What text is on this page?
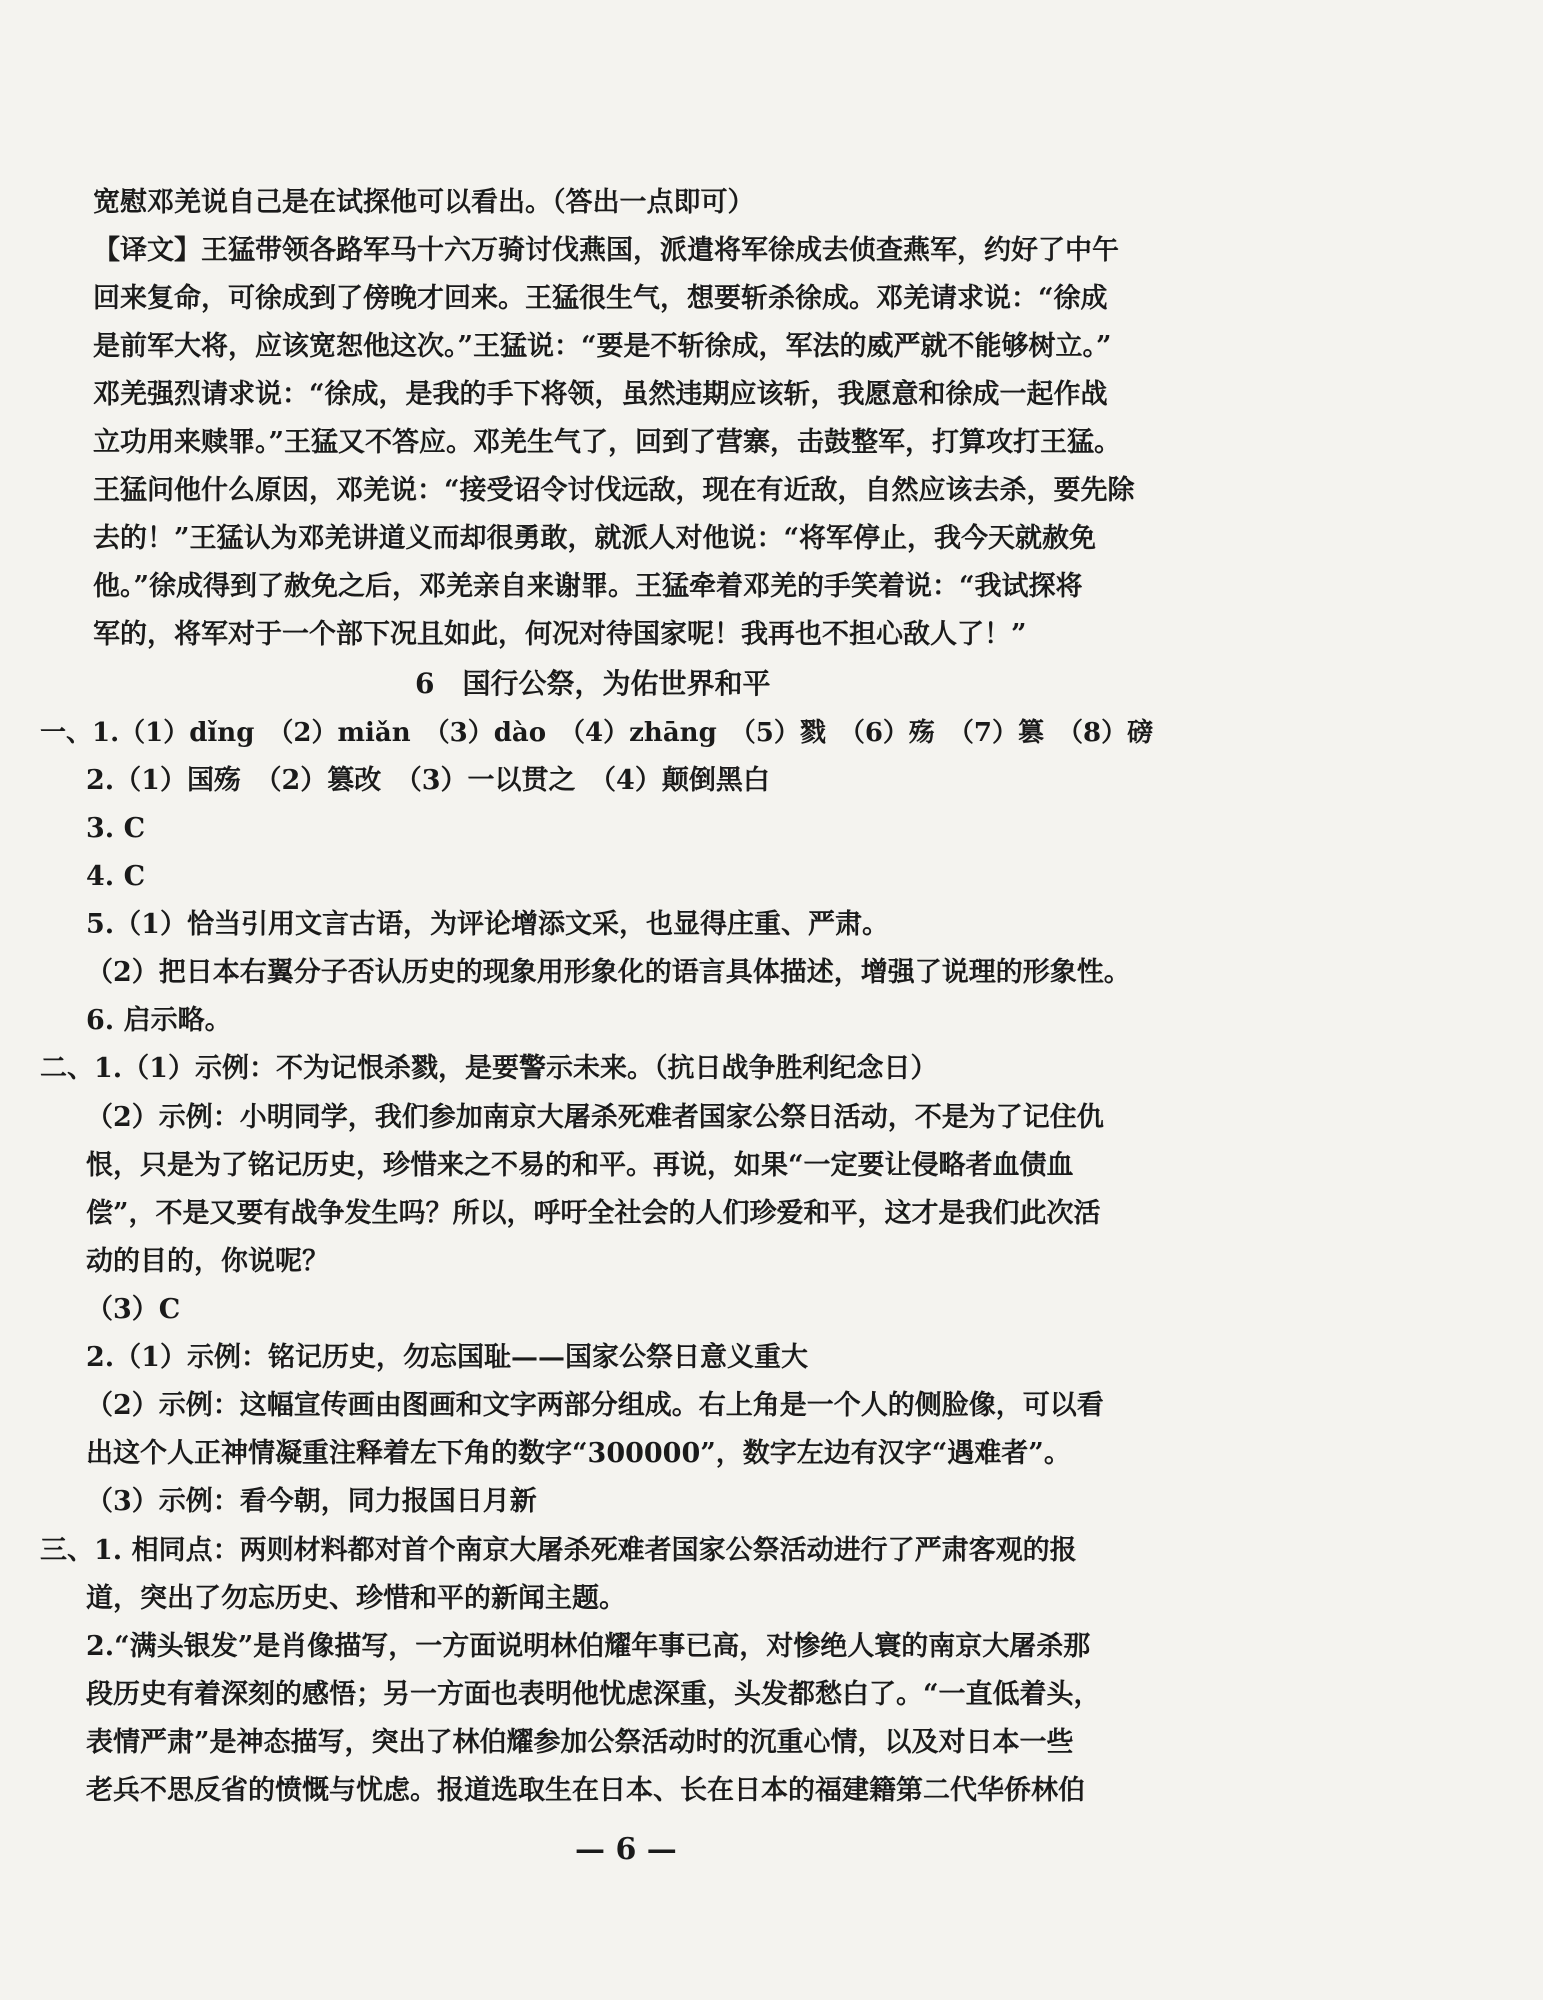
宽慰邓羌说自己是在试探他可以看出。（答出一点即可）
【译文】王猛带领各路军马十六万骑讨伐燕国，派遣将军徐成去侦查燕军，约好了中午
回来复命，可徐成到了傍晚才回来。王猛很生气，想要斩杀徐成。邓羌请求说：“徐成
是前军大将，应该宽恕他这次。”王猛说：“要是不斩徐成，军法的威严就不能够树立。”
邓羌强烈请求说：“徐成，是我的手下将领，虽然违期应该斩，我愿意和徐成一起作战
立功用来赎罪。”王猛又不答应。邓羌生气了，回到了营寨，击鼓整军，打算攻打王猛。
王猛问他什么原因，邓羌说：“接受诏令讨伐远敌，现在有近敌，自然应该去杀，要先除
去的！”王猛认为邓羌讲道义而却很勇敢，就派人对他说：“将军停止，我今天就赦免
他。”徐成得到了赦免之后，邓羌亲自来谢罪。王猛牵着邓羌的手笑着说：“我试探将
军的，将军对于一个部下况且如此，何况对待国家呢！我再也不担心敌人了！”
6　国行公祭，为佑世界和平
一、1.（1）dǐng　（2）miǎn　（3）dào　（4）zhāng　（5）戮　（6）殇　（7）篡　（8）磅
2.（1）国殇　（2）篡改　（3）一以贯之　（4）颠倒黑白
3. C
4. C
5.（1）恰当引用文言古语，为评论增添文采，也显得庄重、严肃。
（2）把日本右翼分子否认历史的现象用形象化的语言具体描述，增强了说理的形象性。
6. 启示略。
二、1.（1）示例：不为记恨杀戮，是要警示未来。（抗日战争胜利纪念日）
（2）示例：小明同学，我们参加南京大屠杀死难者国家公祭日活动，不是为了记住仇
恨，只是为了铭记历史，珍惜来之不易的和平。再说，如果“一定要让侵略者血债血
偿”，不是又要有战争发生吗？所以，呼吁全社会的人们珍爱和平，这才是我们此次活
动的目的，你说呢？
（3）C
2.（1）示例：铭记历史，勿忘国耻——国家公祭日意义重大
（2）示例：这幅宣传画由图画和文字两部分组成。右上角是一个人的侧脸像，可以看
出这个人正神情凝重注释着左下角的数字“300000”，数字左边有汉字“遇难者”。
（3）示例：看今朝，同力报国日月新
三、1. 相同点：两则材料都对首个南京大屠杀死难者国家公祭活动进行了严肃客观的报
道，突出了勿忘历史、珍惜和平的新闻主题。
2.“满头银发”是肖像描写，一方面说明林伯耀年事已高，对惨绝人寰的南京大屠杀那
段历史有着深刻的感悟；另一方面也表明他忧虑深重，头发都愁白了。“一直低着头，
表情严肃”是神态描写，突出了林伯耀参加公祭活动时的沉重心情，以及对日本一些
老兵不思反省的愤慨与忧虑。报道选取生在日本、长在日本的福建籍第二代华侨林伯
— 6 —
